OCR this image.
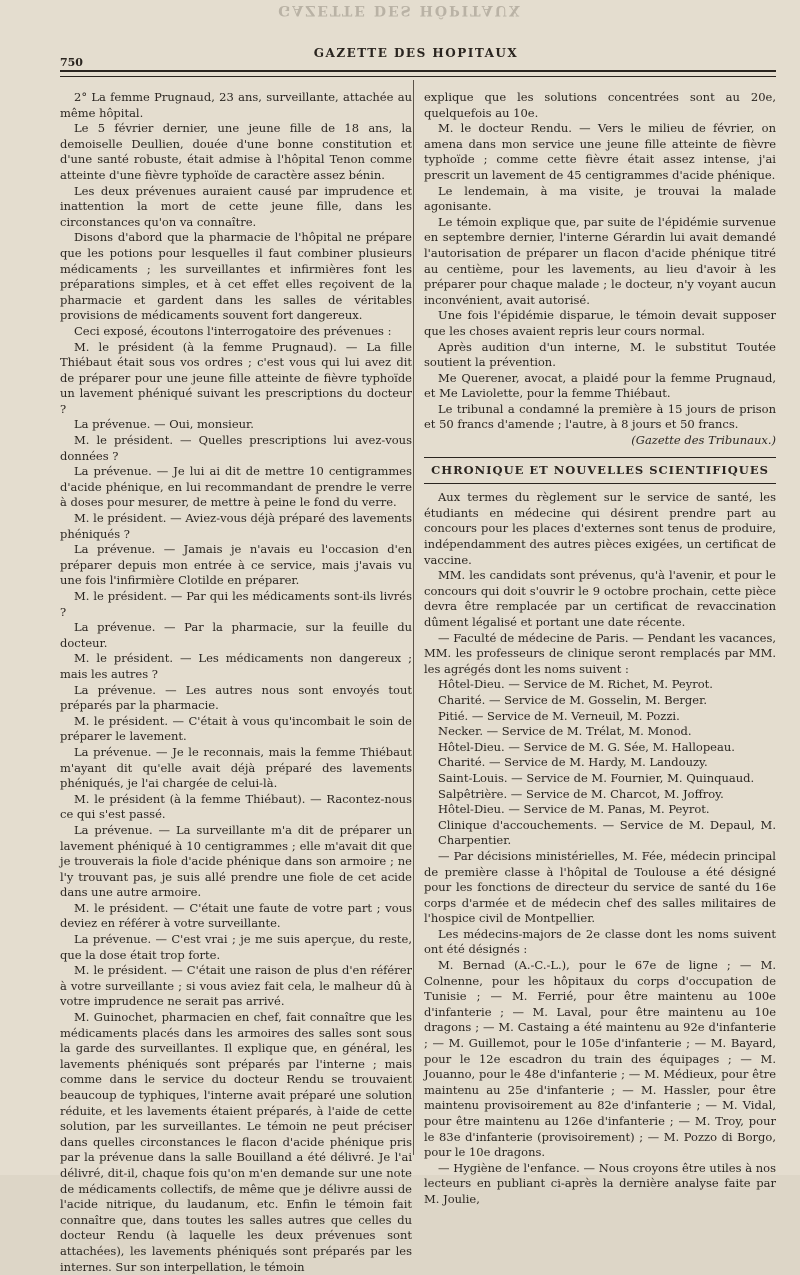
GAZETTE DES HÔPITAUX
750
GAZETTE DES HOPITAUX

2° La femme Prugnaud, 23 ans, surveillante, attachée au même hôpital.

Le 5 février dernier, une jeune fille de 18 ans, la demoiselle Deullien, douée d'une bonne constitution et d'une santé robuste, était admise à l'hôpital Tenon comme atteinte d'une fièvre typhoïde de caractère assez bénin.

Les deux prévenues auraient causé par imprudence et inattention la mort de cette jeune fille, dans les circonstances qu'on va connaître.

Disons d'abord que la pharmacie de l'hôpital ne prépare que les potions pour lesquelles il faut combiner plusieurs médicaments ; les surveillantes et infirmières font les préparations simples, et à cet effet elles reçoivent de la pharmacie et gardent dans les salles de véritables provisions de médicaments souvent fort dangereux.

Ceci exposé, écoutons l'interrogatoire des prévenues :

M. le président (à la femme Prugnaud). — La fille Thiébaut était sous vos ordres ; c'est vous qui lui avez dit de préparer pour une jeune fille atteinte de fièvre typhoïde un lavement phéniqué suivant les prescriptions du docteur ?

La prévenue. — Oui, monsieur.

M. le président. — Quelles prescriptions lui avez-vous données ?

La prévenue. — Je lui ai dit de mettre 10 centigrammes d'acide phénique, en lui recommandant de prendre le verre à doses pour mesurer, de mettre à peine le fond du verre.

M. le président. — Aviez-vous déjà préparé des lavements phéniqués ?

La prévenue. — Jamais je n'avais eu l'occasion d'en préparer depuis mon entrée à ce service, mais j'avais vu une fois l'infirmière Clotilde en préparer.

M. le président. — Par qui les médicaments sont-ils livrés ?

La prévenue. — Par la pharmacie, sur la feuille du docteur.

M. le président. — Les médicaments non dangereux ; mais les autres ?

La prévenue. — Les autres nous sont envoyés tout préparés par la pharmacie.

M. le président. — C'était à vous qu'incombait le soin de préparer le lavement.

La prévenue. — Je le reconnais, mais la femme Thiébaut m'ayant dit qu'elle avait déjà préparé des lavements phéniqués, je l'ai chargée de celui-là.

M. le président (à la femme Thiébaut). — Racontez-nous ce qui s'est passé.

La prévenue. — La surveillante m'a dit de préparer un lavement phéniqué à 10 centigrammes ; elle m'avait dit que je trouverais la fiole d'acide phénique dans son armoire ; ne l'y trouvant pas, je suis allé prendre une fiole de cet acide dans une autre armoire.

M. le président. — C'était une faute de votre part ; vous deviez en référer à votre surveillante.

La prévenue. — C'est vrai ; je me suis aperçue, du reste, que la dose était trop forte.

M. le président. — C'était une raison de plus d'en référer à votre surveillante ; si vous aviez fait cela, le malheur dû à votre imprudence ne serait pas arrivé.

M. Guinochet, pharmacien en chef, fait connaître que les médicaments placés dans les armoires des salles sont sous la garde des surveillantes. Il explique que, en général, les lavements phéniqués sont préparés par l'interne ; mais comme dans le service du docteur Rendu se trouvaient beaucoup de typhiques, l'interne avait préparé une solution réduite, et les lavements étaient préparés, à l'aide de cette solution, par les surveillantes. Le témoin ne peut préciser dans quelles circonstances le flacon d'acide phénique pris par la prévenue dans la salle Bouilland a été délivré. Je l'ai délivré, dit-il, chaque fois qu'on m'en demande sur une note de médicaments collectifs, de même que je délivre aussi de l'acide nitrique, du laudanum, etc. Enfin le témoin fait connaître que, dans toutes les salles autres que celles du docteur Rendu (à laquelle les deux prévenues sont attachées), les lavements phéniqués sont préparés par les internes. Sur son interpellation, le témoin

explique que les solutions concentrées sont au 20e, quelquefois au 10e.

M. le docteur Rendu. — Vers le milieu de février, on amena dans mon service une jeune fille atteinte de fièvre typhoïde ; comme cette fièvre était assez intense, j'ai prescrit un lavement de 45 centigrammes d'acide phénique.

Le lendemain, à ma visite, je trouvai la malade agonisante.

Le témoin explique que, par suite de l'épidémie survenue en septembre dernier, l'interne Gérardin lui avait demandé l'autorisation de préparer un flacon d'acide phénique titré au centième, pour les lavements, au lieu d'avoir à les préparer pour chaque malade ; le docteur, n'y voyant aucun inconvénient, avait autorisé.

Une fois l'épidémie disparue, le témoin devait supposer que les choses avaient repris leur cours normal.

Après audition d'un interne, M. le substitut Toutée soutient la prévention.

Me Querener, avocat, a plaidé pour la femme Prugnaud, et Me Laviolette, pour la femme Thiébaut.

Le tribunal a condamné la première à 15 jours de prison et 50 francs d'amende ; l'autre, à 8 jours et 50 francs.

(Gazette des Tribunaux.)
CHRONIQUE ET NOUVELLES SCIENTIFIQUES

Aux termes du règlement sur le service de santé, les étudiants en médecine qui désirent prendre part au concours pour les places d'externes sont tenus de produire, indépendamment des autres pièces exigées, un certificat de vaccine.

MM. les candidats sont prévenus, qu'à l'avenir, et pour le concours qui doit s'ouvrir le 9 octobre prochain, cette pièce devra être remplacée par un certificat de revaccination dûment légalisé et portant une date récente.

— Faculté de médecine de Paris. — Pendant les vacances, MM. les professeurs de clinique seront remplacés par MM. les agrégés dont les noms suivent :

Hôtel-Dieu. — Service de M. Richet, M. Peyrot.

Charité. — Service de M. Gosselin, M. Berger.

Pitié. — Service de M. Verneuil, M. Pozzi.

Necker. — Service de M. Trélat, M. Monod.

Hôtel-Dieu. — Service de M. G. Sée, M. Hallopeau.

Charité. — Service de M. Hardy, M. Landouzy.

Saint-Louis. — Service de M. Fournier, M. Quinquaud.

Salpêtrière. — Service de M. Charcot, M. Joffroy.

Hôtel-Dieu. — Service de M. Panas, M. Peyrot.

Clinique d'accouchements. — Service de M. Depaul, M. Charpentier.

— Par décisions ministérielles, M. Fée, médecin principal de première classe à l'hôpital de Toulouse a été désigné pour les fonctions de directeur du service de santé du 16e corps d'armée et de médecin chef des salles militaires de l'hospice civil de Montpellier.

Les médecins-majors de 2e classe dont les noms suivent ont été désignés :

M. Bernad (A.-C.-L.), pour le 67e de ligne ; — M. Colnenne, pour les hôpitaux du corps d'occupation de Tunisie ; — M. Ferrié, pour être maintenu au 100e d'infanterie ; — M. Laval, pour être maintenu au 10e dragons ; — M. Castaing a été maintenu au 92e d'infanterie ; — M. Guillemot, pour le 105e d'infanterie ; — M. Bayard, pour le 12e escadron du train des équipages ; — M. Jouanno, pour le 48e d'infanterie ; — M. Médieux, pour être maintenu au 25e d'infanterie ; — M. Hassler, pour être maintenu provisoirement au 82e d'infanterie ; — M. Vidal, pour être maintenu au 126e d'infanterie ; — M. Troy, pour le 83e d'infanterie (provisoirement) ; — M. Pozzo di Borgo, pour le 10e dragons.

— Hygiène de l'enfance. — Nous croyons être utiles à nos lecteurs en publiant ci-après la dernière analyse faite par M. Joulie,
